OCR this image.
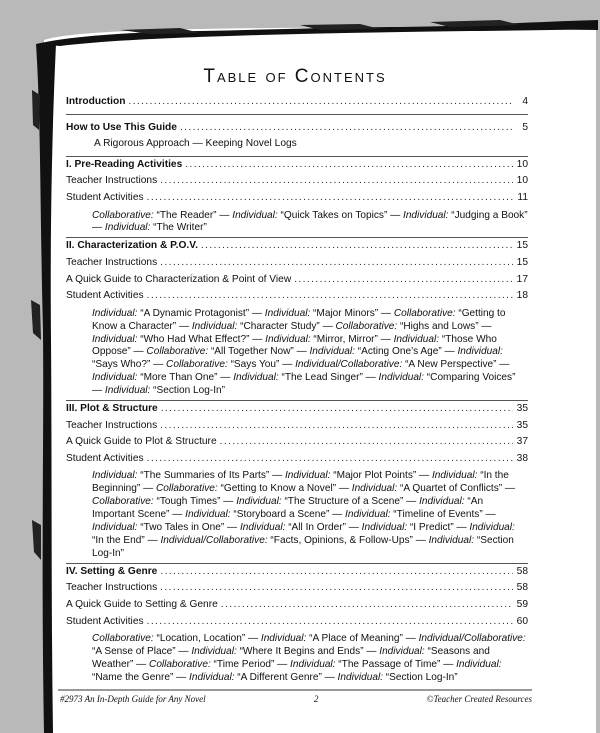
Table of Contents
Introduction .....	4
How to Use This Guide .....	5
A Rigorous Approach — Keeping Novel Logs
I. Pre-Reading Activities .....	10
Teacher Instructions .....	10
Student Activities .....	11
Collaborative: “The Reader” — Individual: “Quick Takes on Topics” — Individual: “Judging a Book” — Individual: “The Writer”
II. Characterization & P.O.V. .....	15
Teacher Instructions .....	15
A Quick Guide to Characterization & Point of View .....	17
Student Activities .....	18
Individual: “A Dynamic Protagonist” — Individual: “Major Minors” — Collaborative: “Getting to Know a Character” — Individual: “Character Study” — Collaborative: “Highs and Lows” — Individual: “Who Had What Effect?” — Individual: “Mirror, Mirror” — Individual: “Those Who Oppose” — Collaborative: “All Together Now” — Individual: “Acting One’s Age” — Individual: “Says Who?” — Collaborative: “Says You” — Individual/Collaborative: “A New Perspective” — Individual: “More Than One” — Individual: “The Lead Singer” — Individual: “Comparing Voices” — Individual: “Section Log-In”
III. Plot & Structure .....	35
Teacher Instructions .....	35
A Quick Guide to Plot & Structure .....	37
Student Activities .....	38
Individual: “The Summaries of Its Parts” — Individual: “Major Plot Points” — Individual: “In the Beginning” — Collaborative: “Getting to Know a Novel” — Individual: “A Quartet of Conflicts” — Collaborative: “Tough Times” — Individual: “The Structure of a Scene” — Individual: “An Important Scene” — Individual: “Storyboard a Scene” — Individual: “Timeline of Events” — Individual: “Two Tales in One” — Individual: “All In Order” — Individual: “I Predict” — Individual: “In the End” — Individual/Collaborative: “Facts, Opinions, & Follow-Ups” — Individual: “Section Log-In”
IV. Setting & Genre .....	58
Teacher Instructions .....	58
A Quick Guide to Setting & Genre .....	59
Student Activities .....	60
Collaborative: “Location, Location” — Individual: “A Place of Meaning” — Individual/Collaborative: “A Sense of Place” — Individual: “Where It Begins and Ends” — Individual: “Seasons and Weather” — Collaborative: “Time Period” — Individual: “The Passage of Time” — Individual: “Name the Genre” — Individual: “A Different Genre” — Individual: “Section Log-In”
#2973 An In-Depth Guide for Any Novel	2	©Teacher Created Resources
